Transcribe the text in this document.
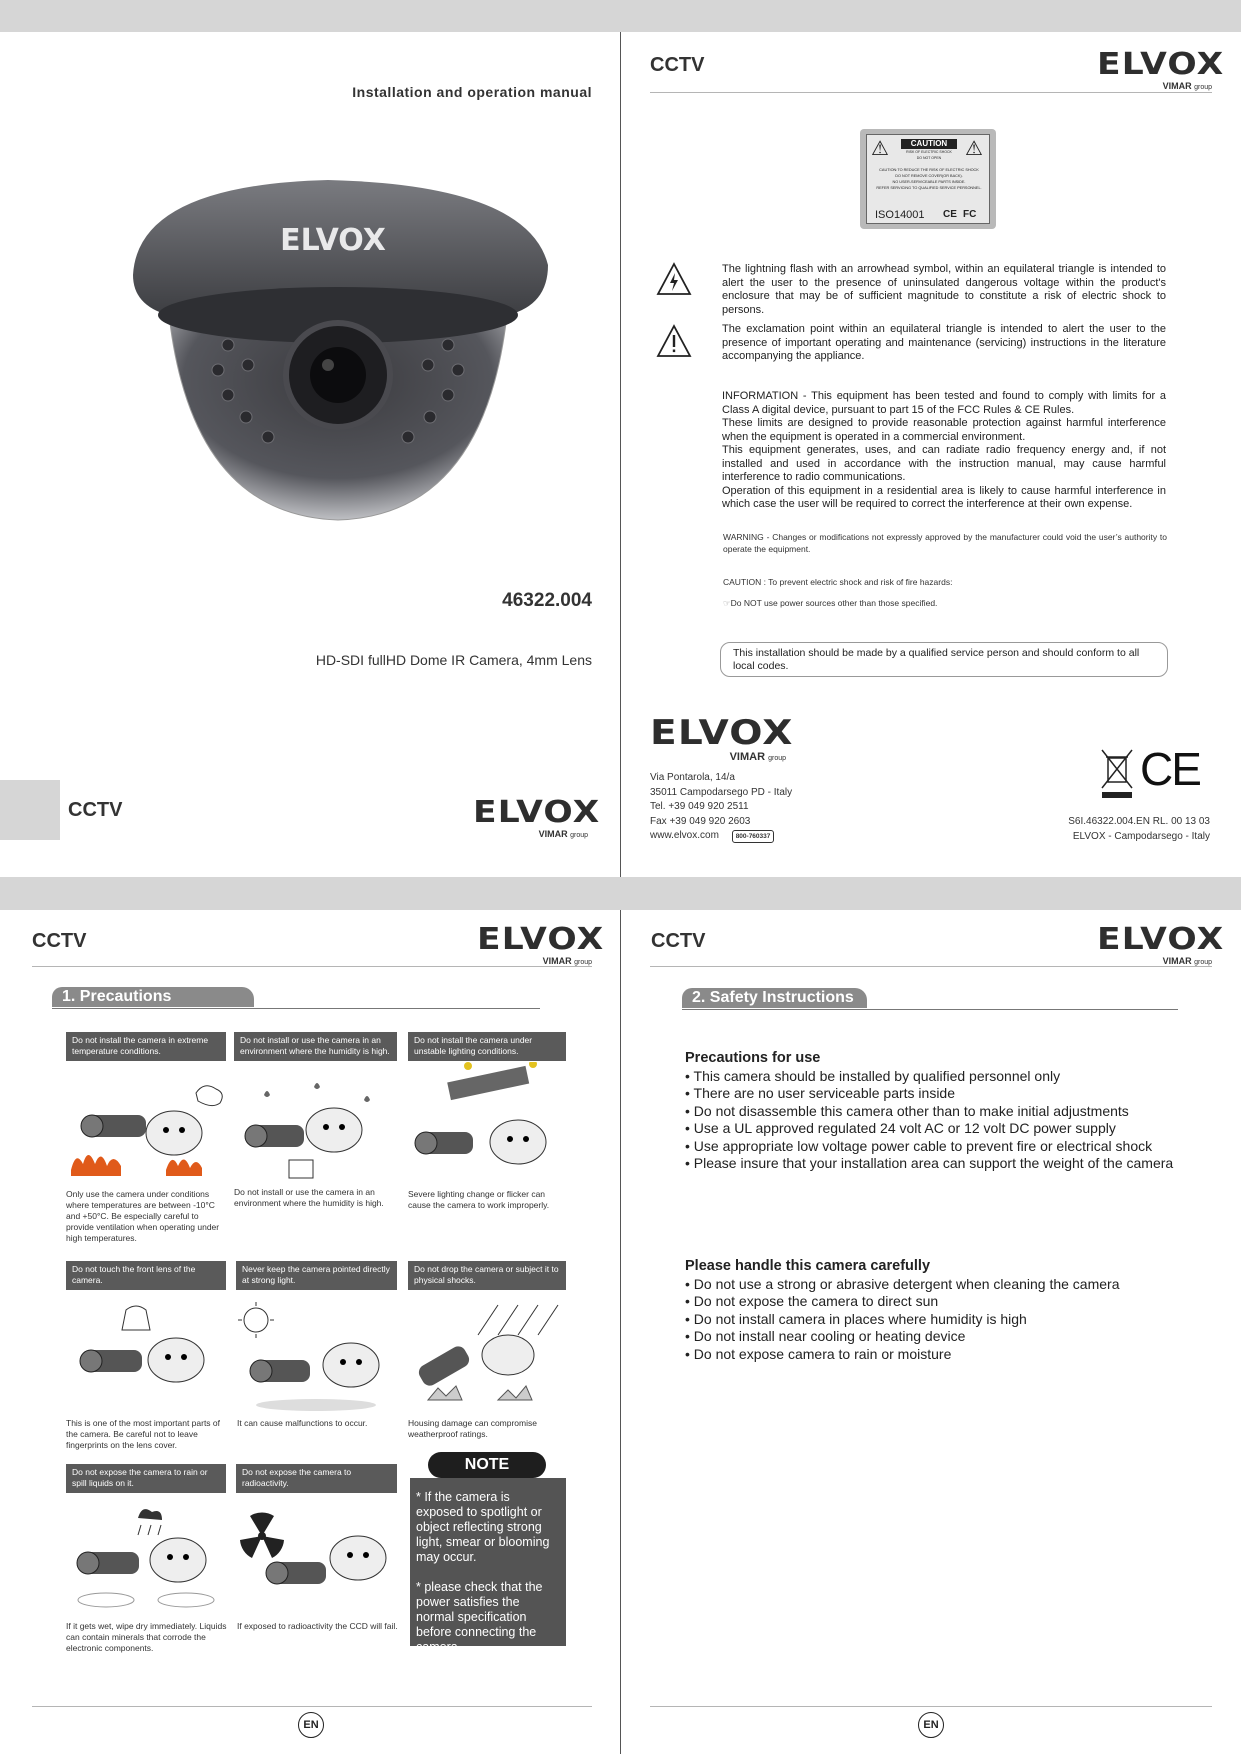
Installation and operation manual
ELVOX
46322.004
HD-SDI fullHD Dome IR Camera, 4mm Lens
CCTV	ELVOX
VIMAR group
CCTV	ELVOX
VIMAR group
⚠	⚠
CAUTION
RISK OF ELECTRIC SHOCK
DO NOT OPEN
CAUTION:TO REDUCE THE RISK OF ELECTRIC SHOCK
DO NOT REMOVE COVER(OR BACK).
NO USER-SERVICEABLE PARTS INSIDE.
REFER SERVICING TO QUALIFIED SERVICE PERSONNEL.
ISO14001 CE FC
The lightning flash with an arrowhead symbol, within an equilateral triangle is intended to alert the user to the presence of uninsulated dangerous voltage within the product's enclosure that may be of sufficient magnitude to constitute a risk of electric shock to persons.
The exclamation point within an equilateral triangle is intended to alert the user to the presence of important operating and maintenance (servicing) instructions in the literature accompanying the appliance.
INFORMATION - This equipment has been tested and found to comply with limits for a Class A digital device, pursuant to part 15 of the FCC Rules & CE Rules.
These limits are designed to provide reasonable protection against harmful interference when the equipment is operated in a commercial environment.
This equipment generates, uses, and can radiate radio frequency energy and, if not installed and used in accordance with the instruction manual, may cause harmful interference to radio communications.
Operation of this equipment in a residential area is likely to cause harmful interference in which case the user will be required to correct the interference at their own expense.
WARNING - Changes or modifications not expressly approved by the manufacturer could void the user’s authority to operate the equipment.
CAUTION : To prevent electric shock and risk of fire hazards:
☞Do NOT use power sources other than those specified.
This installation should be made by a qualified service person and should conform to all local codes.
ELVOX
VIMAR group
Via Pontarola, 14/a
35011 Campodarsego PD - Italy
Tel. +39 049 920 2511
Fax +39 049 920 2603
www.elvox.com	800-760337
CE
S6I.46322.004.EN RL. 00 13 03
ELVOX - Campodarsego - Italy
CCTV	ELVOX
VIMAR group
1. Precautions
Do not install the camera in extreme temperature conditions.
Do not install or use the camera in an environment where the humidity is high.
Do not install the camera under unstable lighting conditions.
Only use the camera under conditions where temperatures are between -10°C and +50°C. Be especially careful to provide ventilation when operating under high temperatures.
Do not install or use the camera in an environment where the humidity is high.
Severe lighting change or flicker can cause the camera to work improperly.
Do not touch the front lens of the camera.
Never keep the camera pointed directly at strong light.
Do not drop the camera or subject it to physical shocks.
This is one of the most important parts of the camera. Be careful not to leave fingerprints on the lens cover.
It can cause malfunctions to occur.	Housing damage can compromise weatherproof ratings.
Do not expose the camera to rain or spill liquids on it.
Do not expose the camera to radioactivity.
If it gets wet, wipe dry immediately. Liquids can contain minerals that corrode the electronic components.
If exposed to radioactivity the CCD will fail.
* If the camera is exposed to spotlight or object reflecting strong light, smear or blooming may occur.
* please check that the power satisfies the normal specification before connecting the camera.
NOTE
EN
CCTV	ELVOX
VIMAR group
2. Safety Instructions
Precautions for use
• This camera should be installed by qualified personnel only
• There are no user serviceable parts inside
• Do not disassemble this camera other than to make initial adjustments
• Use a UL approved regulated 24 volt AC or 12 volt DC power supply
• Use appropriate low voltage power cable to prevent fire or electrical shock
• Please insure that your installation area can support the weight of the camera
Please handle this camera carefully
• Do not use a strong or abrasive detergent when cleaning the camera
• Do not expose the camera to direct sun
• Do not install camera in places where humidity is high
• Do not install near cooling or heating device
• Do not expose camera to rain or moisture
EN
